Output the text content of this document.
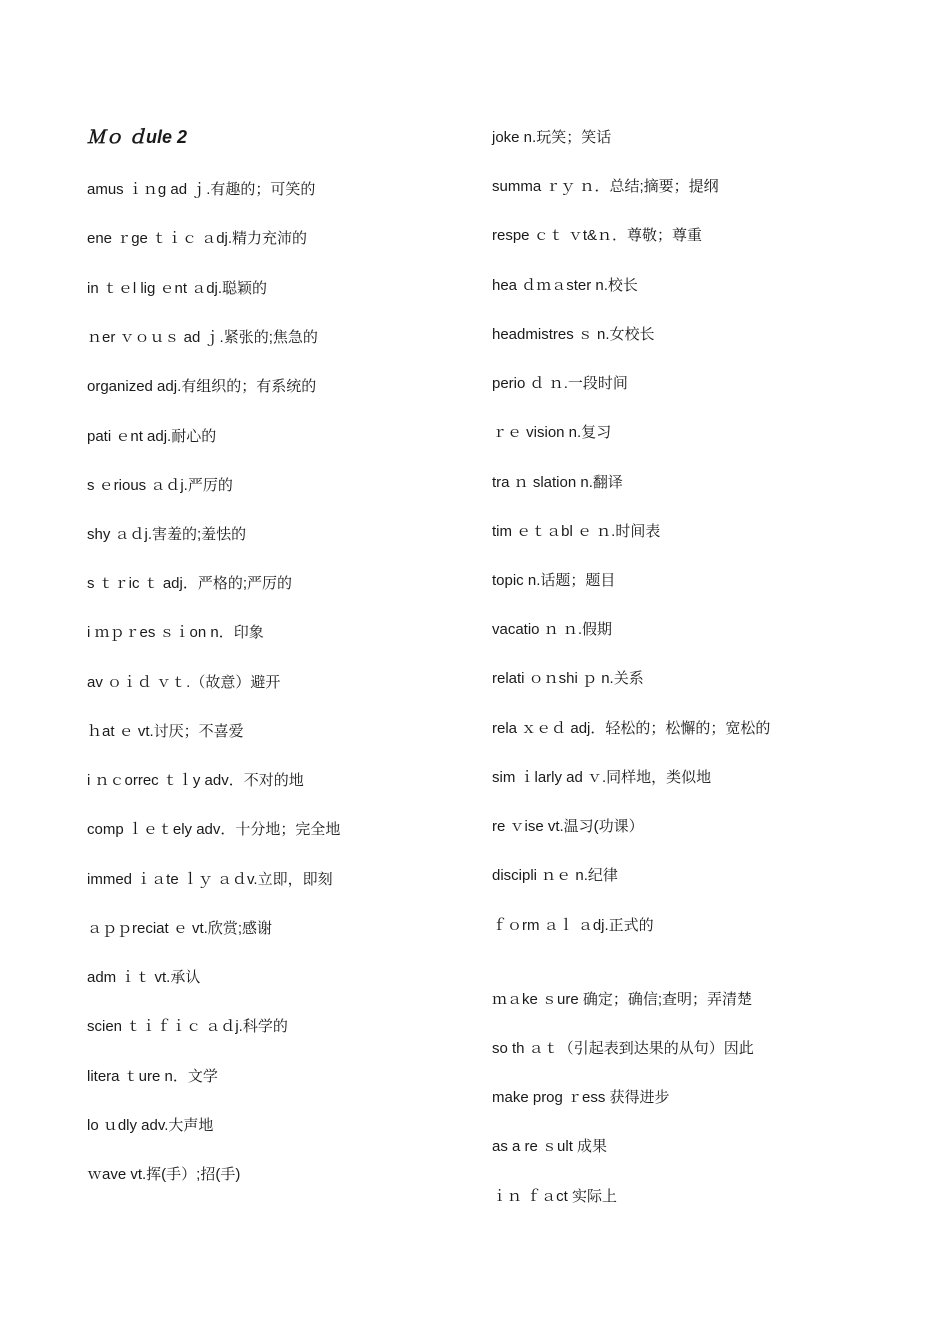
Ｍｏ ｄule 2
amus ｉｎg ad ｊ.有趣的；可笑的
ene ｒge ｔｉｃ ａdj.精力充沛的
in ｔｅl lig ｅnt ａdj.聪颖的
ｎer ｖｏｕｓ ad ｊ.紧张的;焦急的
organized adj.有组织的；有系统的
pati ｅnt adj.耐心的
s ｅrious ａｄj.严厉的
shy ａｄj.害羞的;羞怯的
s ｔｒic ｔ adj．严格的;严厉的
i ｍｐｒes ｓｉon n．印象
av ｏｉｄ ｖｔ.（故意）避开
ｈat ｅ vt.讨厌；不喜爱
i ｎｃorrec ｔｌy adv．不对的地
comp ｌｅｔely adv．十分地；完全地
immed ｉａte ｌｙ ａｄv.立即，即刻
ａｐｐreciat ｅ vt.欣赏;感谢
adm ｉｔ vt.承认
scien ｔｉｆｉｃ ａｄj.科学的
litera ｔure n．文学
lo ｕdly adv.大声地
ｗave vt.挥(手）;招(手)
joke n.玩笑；笑话
summa ｒｙ ｎ．总结;摘要；提纲
respe ｃｔ ｖt&ｎ．尊敬；尊重
hea ｄｍａster n.校长
headmistres ｓ n.女校长
perio ｄ ｎ.一段时间
ｒｅ vision n.复习
tra ｎ slation n.翻译
tim ｅｔａbl ｅ ｎ.时间表
topic n.话题；题目
vacatio ｎ ｎ.假期
relati ｏｎshi ｐ n.关系
rela ｘｅｄ adj．轻松的；松懈的；宽松的
sim ｉlarly ad ｖ.同样地，类似地
re ｖise vt.温习(功课）
discipli ｎｅ n.纪律
ｆｏrm ａｌ ａdj.正式的
ｍａke ｓure 确定；确信;查明；弄清楚
so th ａｔ（引起表到达果的从句）因此
make prog ｒess 获得进步
as a re ｓult 成果
ｉｎ ｆａct 实际上
